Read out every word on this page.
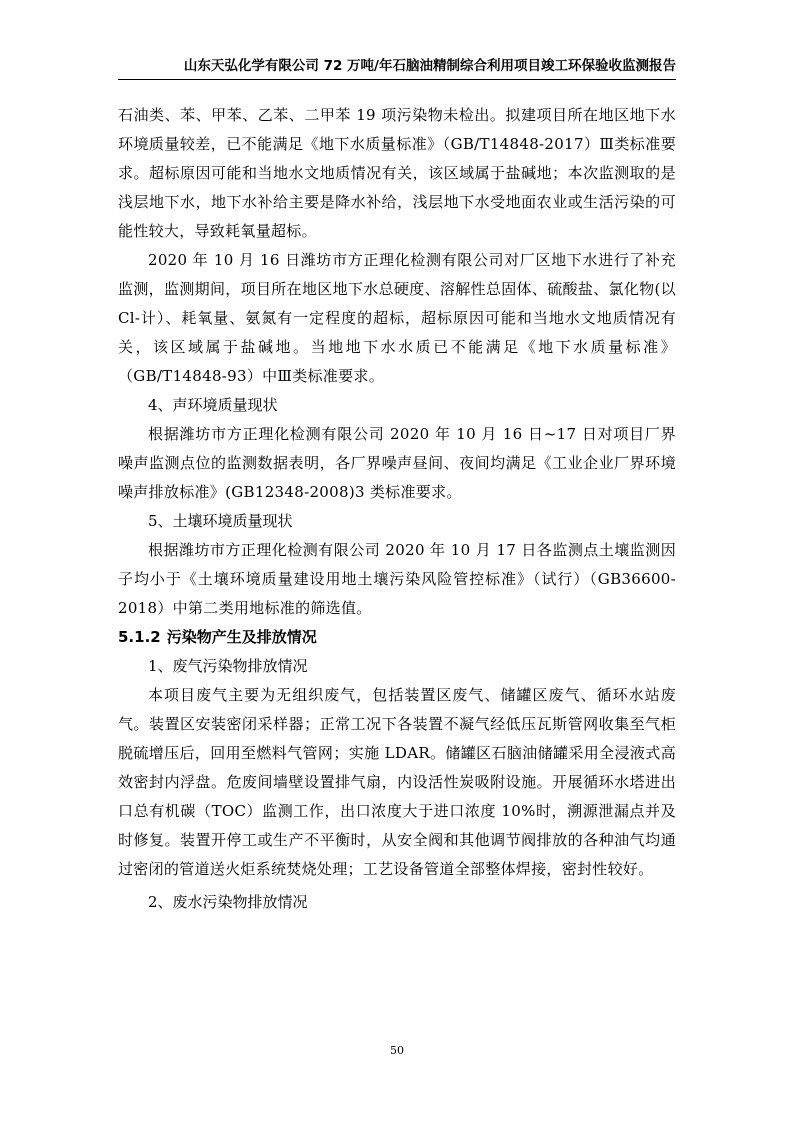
山东天弘化学有限公司 72 万吨/年石脑油精制综合利用项目竣工环保验收监测报告

石油类、苯、甲苯、乙苯、二甲苯 19 项污染物未检出。拟建项目所在地区地下水环境质量较差，已不能满足《地下水质量标准》（GB/T14848-2017）Ⅲ类标准要求。超标原因可能和当地水文地质情况有关，该区域属于盐碱地；本次监测取的是浅层地下水，地下水补给主要是降水补给，浅层地下水受地面农业或生活污染的可能性较大，导致耗氧量超标。

2020 年 10 月 16 日潍坊市方正理化检测有限公司对厂区地下水进行了补充监测，监测期间，项目所在地区地下水总硬度、溶解性总固体、硫酸盐、氯化物(以 Cl-计）、耗氧量、氨氮有一定程度的超标，超标原因可能和当地水文地质情况有关，该区域属于盐碱地。当地地下水水质已不能满足《地下水质量标准》（GB/T14848-93）中Ⅲ类标准要求。

4、声环境质量现状

根据潍坊市方正理化检测有限公司 2020 年 10 月 16 日~17 日对项目厂界噪声监测点位的监测数据表明，各厂界噪声昼间、夜间均满足《工业企业厂界环境噪声排放标准》(GB12348-2008)3 类标准要求。

5、土壤环境质量现状

根据潍坊市方正理化检测有限公司 2020 年 10 月 17 日各监测点土壤监测因子均小于《土壤环境质量建设用地土壤污染风险管控标准》（试行）（GB36600-2018）中第二类用地标准的筛选值。

5.1.2 污染物产生及排放情况

1、废气污染物排放情况

本项目废气主要为无组织废气，包括装置区废气、储罐区废气、循环水站废气。装置区安装密闭采样器；正常工况下各装置不凝气经低压瓦斯管网收集至气柜脱硫增压后，回用至燃料气管网；实施 LDAR。储罐区石脑油储罐采用全浸液式高效密封内浮盘。危废间墙壁设置排气扇，内设活性炭吸附设施。开展循环水塔进出口总有机碳（TOC）监测工作，出口浓度大于进口浓度 10%时，溯源泄漏点并及时修复。装置开停工或生产不平衡时，从安全阀和其他调节阀排放的各种油气均通过密闭的管道送火炬系统焚烧处理；工艺设备管道全部整体焊接，密封性较好。

2、废水污染物排放情况

50
